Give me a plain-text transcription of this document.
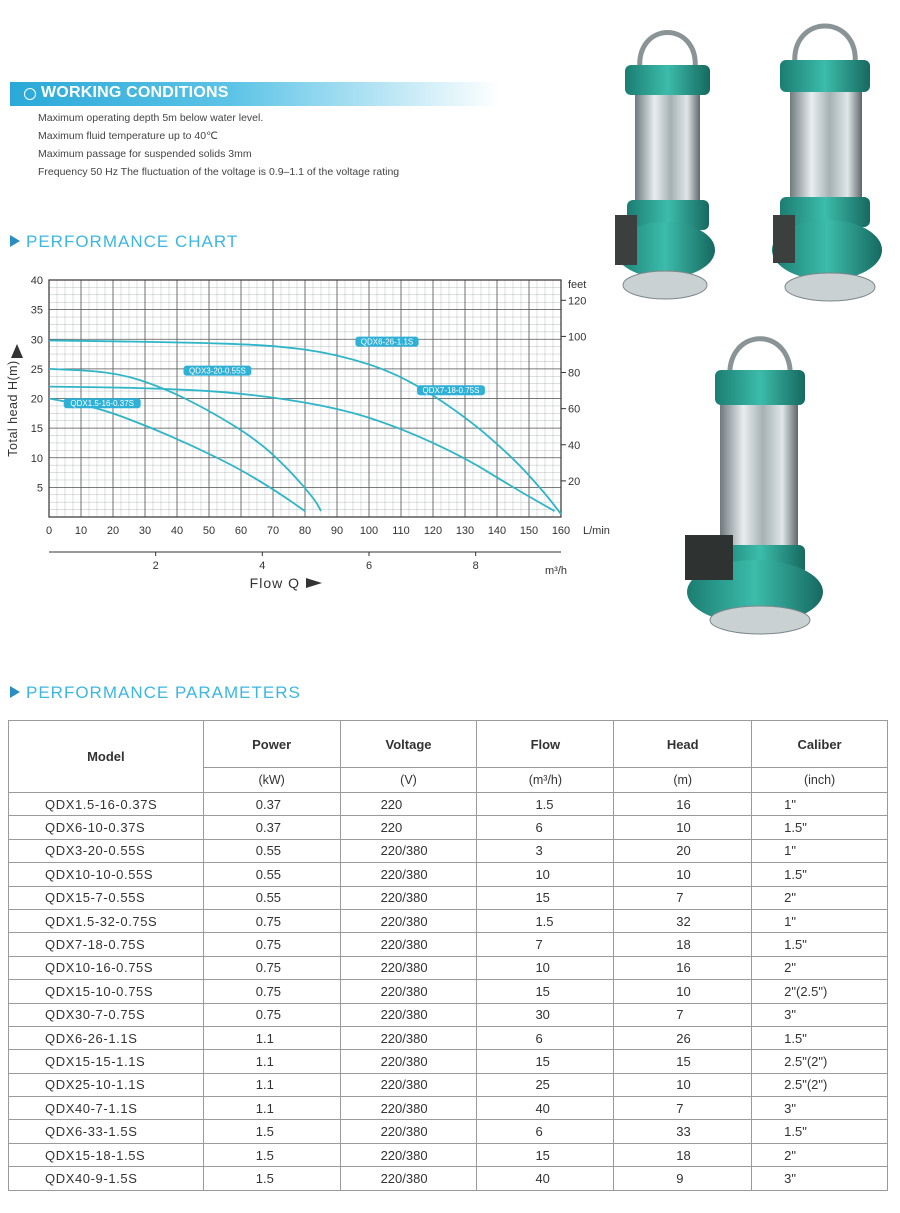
WORKING CONDITIONS
Maximum operating depth 5m below water level.
Maximum fluid temperature up to 40℃
Maximum passage for suspended solids 3mm
Frequency 50 Hz The fluctuation of the voltage is 0.9–1.1 of the voltage rating
PERFORMANCE CHART
5
10
15
20
25
30
35
40
0 10 20 30 40 50 60 70 80 90 100 110 120 130 140 150 160 L/min
feet
20
40
60
80
100
120
2	4	6	8	m³/h
Flow Q
Total head H(m)
QDX6-26-1.1S
QDX3-20-0.55S
QDX7-18-0.75S
QDX1.5-16-0.37S
PERFORMANCE PARAMETERS
Model	Power	Voltage	Flow	Head	Caliber
	(kW)	(V)	(m³/h)	(m)	(inch)
QDX1.5-16-0.37S	0.37	220	1.5	16	1"
QDX6-10-0.37S	0.37	220	6	10	1.5"
QDX3-20-0.55S	0.55	220/380	3	20	1"
QDX10-10-0.55S	0.55	220/380	10	10	1.5"
QDX15-7-0.55S	0.55	220/380	15	7	2"
QDX1.5-32-0.75S	0.75	220/380	1.5	32	1"
QDX7-18-0.75S	0.75	220/380	7	18	1.5"
QDX10-16-0.75S	0.75	220/380	10	16	2"
QDX15-10-0.75S	0.75	220/380	15	10	2"(2.5")
QDX30-7-0.75S	0.75	220/380	30	7	3"
QDX6-26-1.1S	1.1	220/380	6	26	1.5"
QDX15-15-1.1S	1.1	220/380	15	15	2.5"(2")
QDX25-10-1.1S	1.1	220/380	25	10	2.5"(2")
QDX40-7-1.1S	1.1	220/380	40	7	3"
QDX6-33-1.5S	1.5	220/380	6	33	1.5"
QDX15-18-1.5S	1.5	220/380	15	18	2"
QDX40-9-1.5S	1.5	220/380	40	9	3"
